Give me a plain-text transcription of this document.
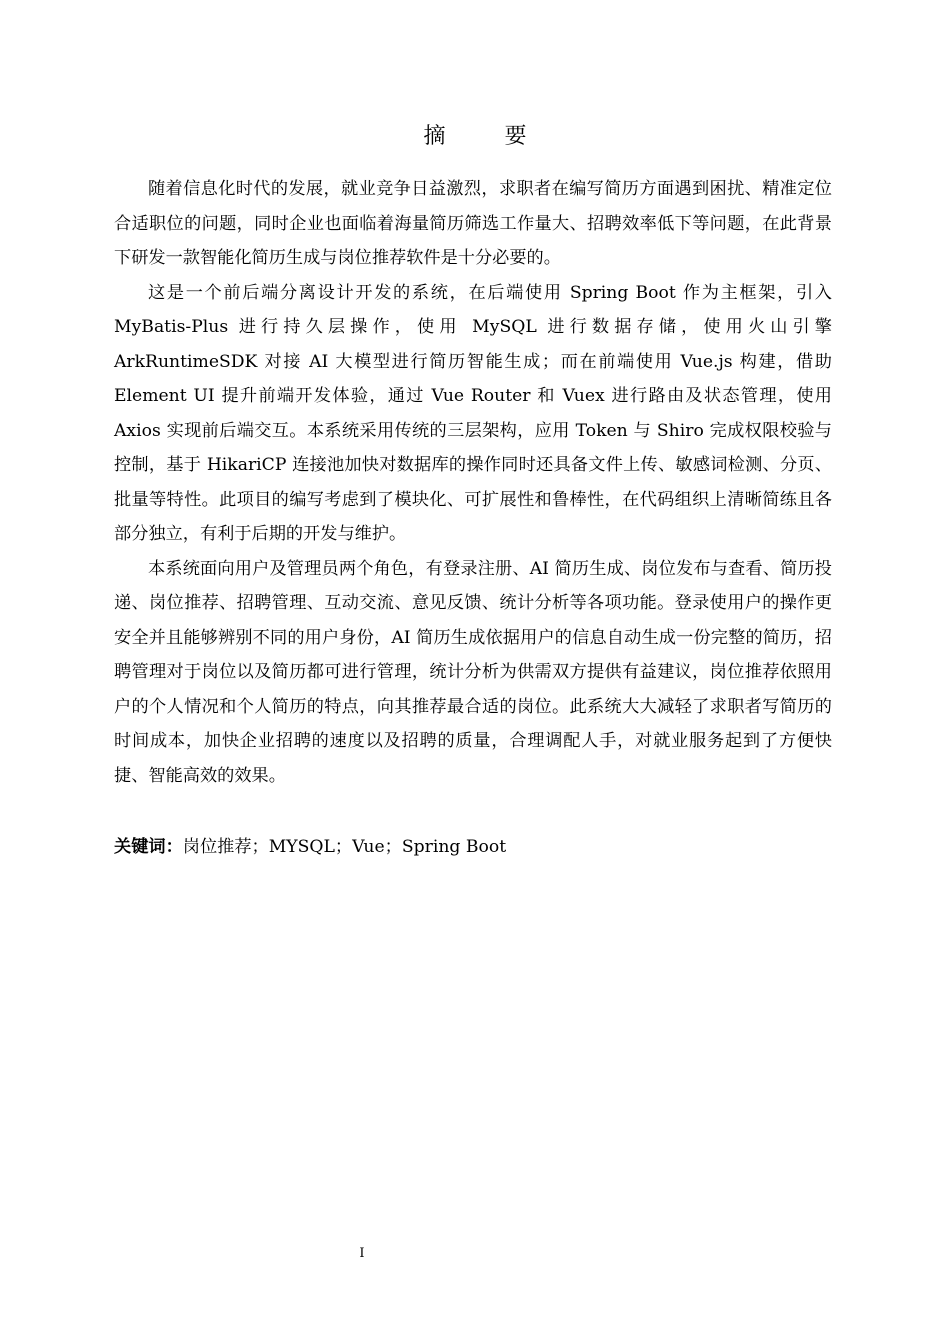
摘 要

随着信息化时代的发展，就业竞争日益激烈，求职者在编写简历方面遇到困扰、精准定位合适职位的问题，同时企业也面临着海量简历筛选工作量大、招聘效率低下等问题，在此背景下研发一款智能化简历生成与岗位推荐软件是十分必要的。

这是一个前后端分离设计开发的系统，在后端使用 Spring Boot 作为主框架，引入 MyBatis-Plus 进行持久层操作，使用 MySQL 进行数据存储，使用火山引擎 ArkRuntimeSDK 对接 AI 大模型进行简历智能生成；而在前端使用 Vue.js 构建，借助 Element UI 提升前端开发体验，通过 Vue Router 和 Vuex 进行路由及状态管理，使用 Axios 实现前后端交互。本系统采用传统的三层架构，应用 Token 与 Shiro 完成权限校验与控制，基于 HikariCP 连接池加快对数据库的操作同时还具备文件上传、敏感词检测、分页、批量等特性。此项目的编写考虑到了模块化、可扩展性和鲁棒性，在代码组织上清晰简练且各部分独立，有利于后期的开发与维护。

本系统面向用户及管理员两个角色，有登录注册、AI 简历生成、岗位发布与查看、简历投递、岗位推荐、招聘管理、互动交流、意见反馈、统计分析等各项功能。登录使用户的操作更安全并且能够辨别不同的用户身份，AI 简历生成依据用户的信息自动生成一份完整的简历，招聘管理对于岗位以及简历都可进行管理，统计分析为供需双方提供有益建议，岗位推荐依照用户的个人情况和个人简历的特点，向其推荐最合适的岗位。此系统大大减轻了求职者写简历的时间成本，加快企业招聘的速度以及招聘的质量，合理调配人手，对就业服务起到了方便快捷、智能高效的效果。

关键词：岗位推荐；MYSQL；Vue；Spring Boot
I
